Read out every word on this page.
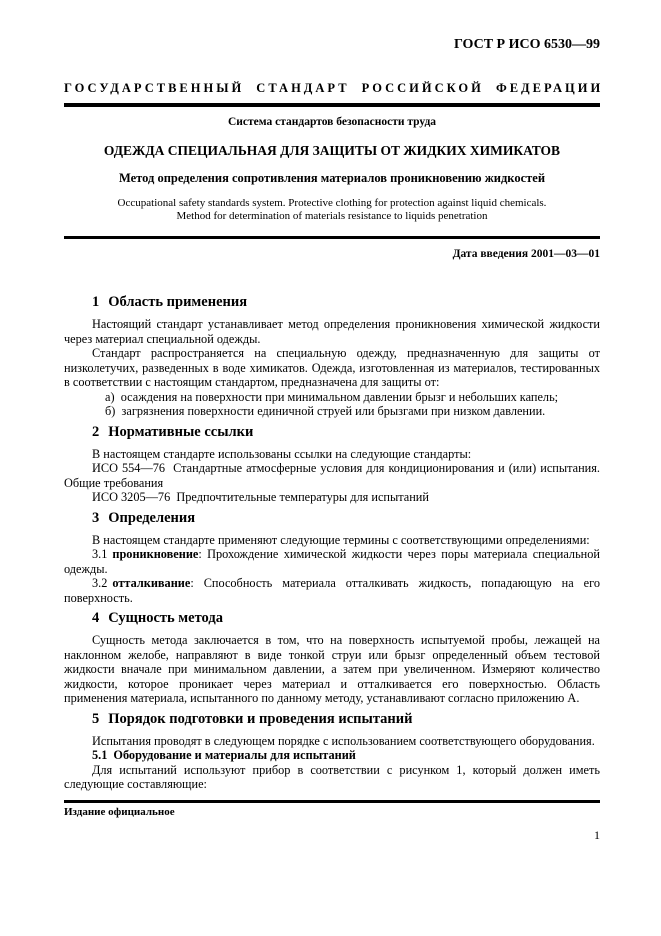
ГОСТ Р ИСО 6530—99
ГОСУДАРСТВЕННЫЙ СТАНДАРТ РОССИЙСКОЙ ФЕДЕРАЦИИ
Система стандартов безопасности труда
ОДЕЖДА СПЕЦИАЛЬНАЯ ДЛЯ ЗАЩИТЫ ОТ ЖИДКИХ ХИМИКАТОВ
Метод определения сопротивления материалов проникновению жидкостей
Occupational safety standards system. Protective clothing for protection against liquid chemicals.
Method for determination of materials resistance to liquids penetration
Дата введения 2001—03—01
1 Область применения

Настоящий стандарт устанавливает метод определения проникновения химической жидкости через материал специальной одежды.

Стандарт распространяется на специальную одежду, предназначенную для защиты от низколетучих, разведенных в воде химикатов. Одежда, изготовленная из материалов, тестированных в соответствии с настоящим стандартом, предназначена для защиты от:

а)  осаждения на поверхности при минимальном давлении брызг и небольших капель;

б)  загрязнения поверхности единичной струей или брызгами при низком давлении.

2 Нормативные ссылки

В настоящем стандарте использованы ссылки на следующие стандарты:

ИСО 554—76  Стандартные атмосферные условия для кондиционирования и (или) испытания. Общие требования

ИСО 3205—76  Предпочтительные температуры для испытаний

3 Определения

В настоящем стандарте применяют следующие термины с соответствующими определениями:

3.1 проникновение: Прохождение химической жидкости через поры материала специальной одежды.

3.2 отталкивание: Способность материала отталкивать жидкость, попадающую на его поверхность.

4 Сущность метода

Сущность метода заключается в том, что на поверхность испытуемой пробы, лежащей на наклонном желобе, направляют в виде тонкой струи или брызг определенный объем тестовой жидкости вначале при минимальном давлении, а затем при увеличенном. Измеряют количество жидкости, которое проникает через материал и отталкивается его поверхностью. Область применения материала, испытанного по данному методу, устанавливают согласно приложению А.

5 Порядок подготовки и проведения испытаний

Испытания проводят в следующем порядке с использованием соответствующего оборудования.

5.1 Оборудование и материалы для испытаний

Для испытаний используют прибор в соответствии с рисунком 1, который должен иметь следующие составляющие:

Издание официальное
1
